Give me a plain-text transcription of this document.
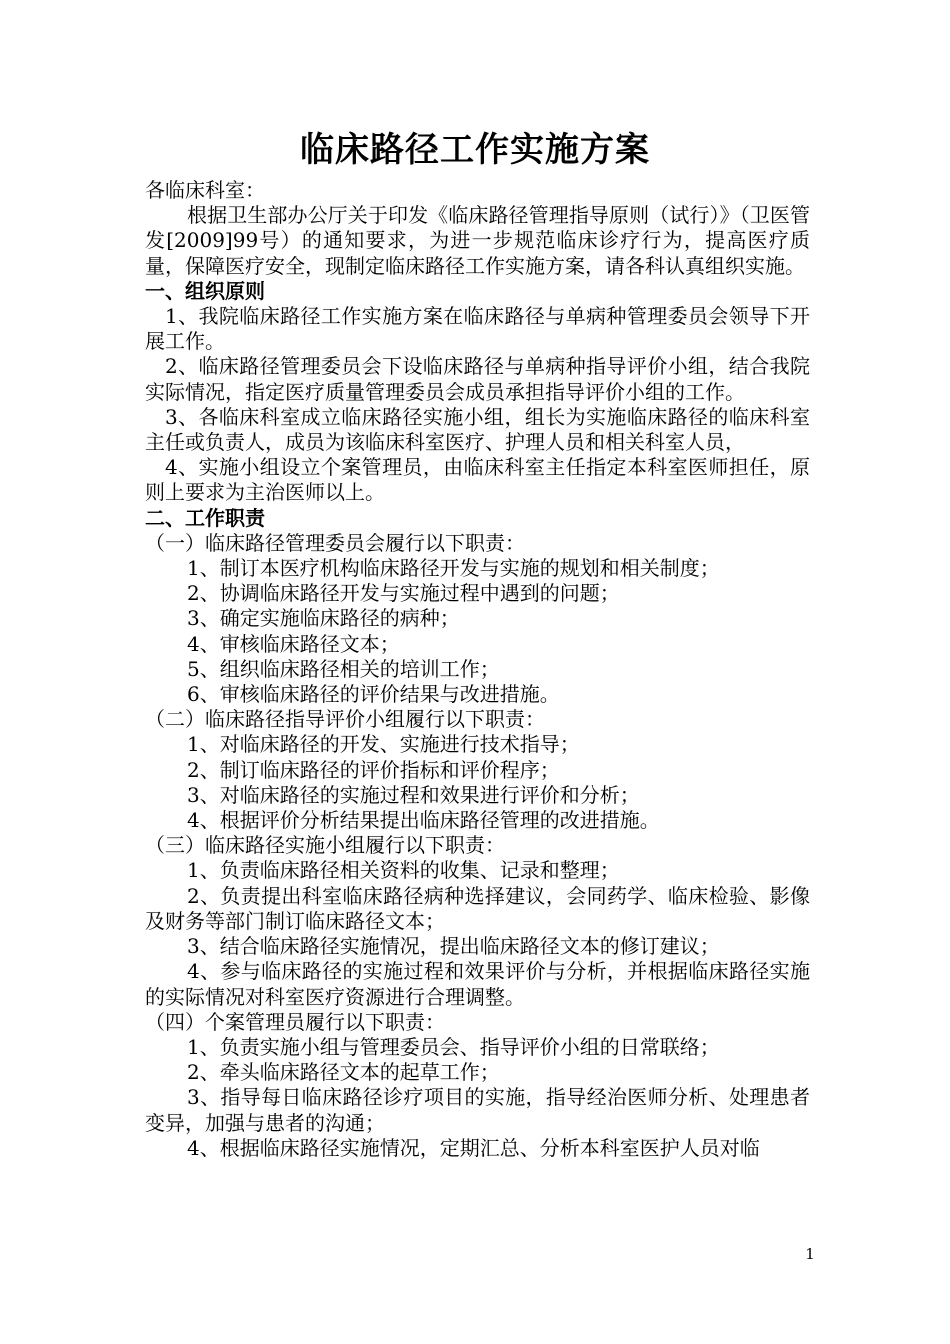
临床路径工作实施方案

各临床科室：

根据卫生部办公厅关于印发《临床路径管理指导原则（试行）》（卫医管发[2009]99号）的通知要求，为进一步规范临床诊疗行为，提高医疗质量，保障医疗安全，现制定临床路径工作实施方案，请各科认真组织实施。

一、组织原则

1、我院临床路径工作实施方案在临床路径与单病种管理委员会领导下开展工作。

2、临床路径管理委员会下设临床路径与单病种指导评价小组，结合我院实际情况，指定医疗质量管理委员会成员承担指导评价小组的工作。

3、各临床科室成立临床路径实施小组，组长为实施临床路径的临床科室主任或负责人，成员为该临床科室医疗、护理人员和相关科室人员，

4、实施小组设立个案管理员，由临床科室主任指定本科室医师担任，原则上要求为主治医师以上。

二、工作职责

（一）临床路径管理委员会履行以下职责：

1、制订本医疗机构临床路径开发与实施的规划和相关制度；

2、协调临床路径开发与实施过程中遇到的问题；

3、确定实施临床路径的病种；

4、审核临床路径文本；

5、组织临床路径相关的培训工作；

6、审核临床路径的评价结果与改进措施。

（二）临床路径指导评价小组履行以下职责：

1、对临床路径的开发、实施进行技术指导；

2、制订临床路径的评价指标和评价程序；

3、对临床路径的实施过程和效果进行评价和分析；

4、根据评价分析结果提出临床路径管理的改进措施。

（三）临床路径实施小组履行以下职责：

1、负责临床路径相关资料的收集、记录和整理；

2、负责提出科室临床路径病种选择建议，会同药学、临床检验、影像及财务等部门制订临床路径文本；

3、结合临床路径实施情况，提出临床路径文本的修订建议；

4、参与临床路径的实施过程和效果评价与分析，并根据临床路径实施的实际情况对科室医疗资源进行合理调整。

（四）个案管理员履行以下职责：

1、负责实施小组与管理委员会、指导评价小组的日常联络；

2、牵头临床路径文本的起草工作；

3、指导每日临床路径诊疗项目的实施，指导经治医师分析、处理患者变异，加强与患者的沟通；

4、根据临床路径实施情况，定期汇总、分析本科室医护人员对临

1
